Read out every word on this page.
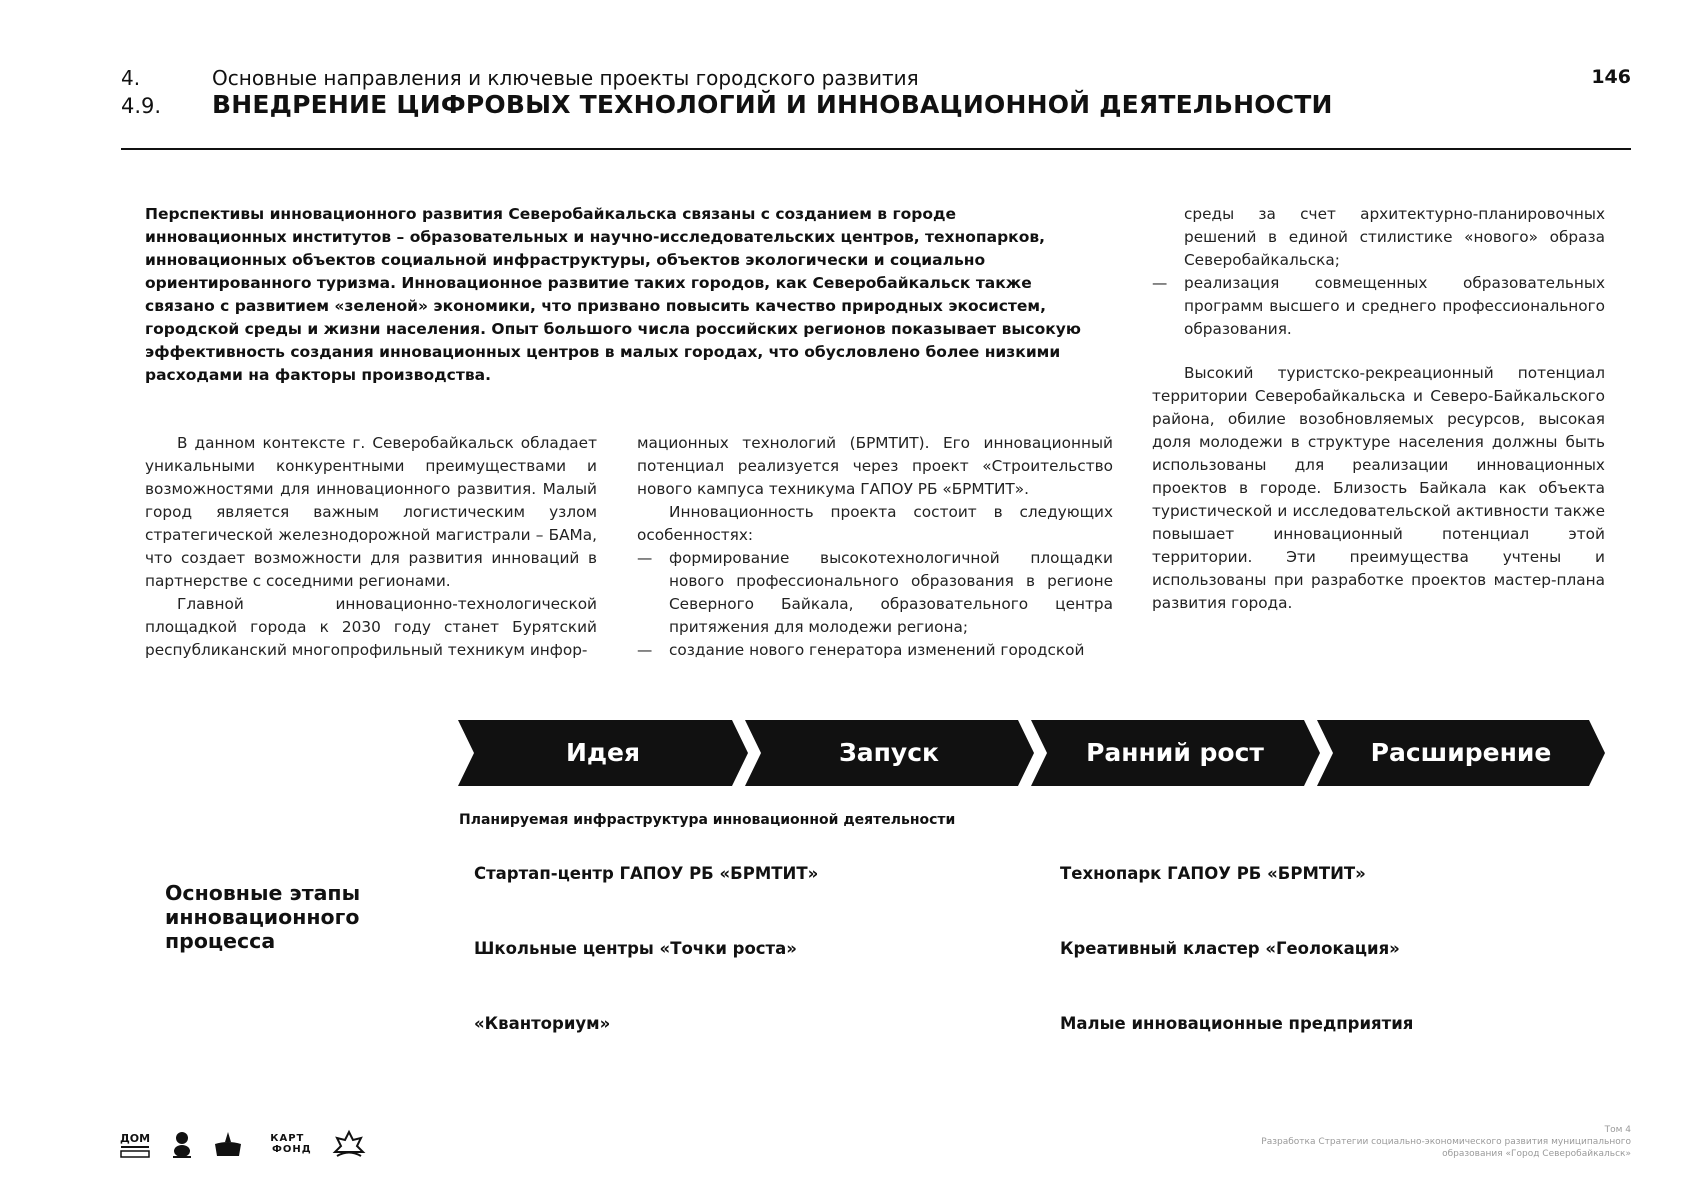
4.	Основные направления и ключевые проекты городского развития
4.9.	ВНЕДРЕНИЕ ЦИФРОВЫХ ТЕХНОЛОГИЙ И ИННОВАЦИОННОЙ ДЕЯТЕЛЬНОСТИ
146

Перспективы инновационного развития Северобайкальска связаны с созданием в городе инновационных институтов – образовательных и научно-исследовательских центров, технопарков, инновационных объектов социальной инфраструктуры, объектов экологически и социально ориентированного туризма. Инновационное развитие таких городов, как Северобайкальск также связано с развитием «зеленой» экономики, что призвано повысить качество природных экосистем, городской среды и жизни населения. Опыт большого числа российских регионов показывает высокую эффективность создания инновационных центров в малых городах, что обусловлено более низкими расходами на факторы производства.

В данном контексте г. Северобайкальск обладает уникальными конкурентными преимуществами и возможностями для инновационного развития. Малый город является важным логистическим узлом стратегической железнодорожной магистрали – БАМа, что создает возможности для развития инноваций в партнерстве с соседними регионами.

Главной инновационно-технологической площадкой города к 2030 году станет Бурятский республиканский многопрофильный техникум инфор-

мационных технологий (БРМТИТ). Его инновационный потенциал реализуется через проект «Строительство нового кампуса техникума ГАПОУ РБ «БРМТИТ».

Инновационность проекта состоит в следующих особенностях:

— формирование высокотехнологичной площадки нового профессионального образования в регионе Северного Байкала, образовательного центра притяжения для молодежи региона;

— создание нового генератора изменений городской

среды за счет архитектурно-планировочных решений в единой стилистике «нового» образа Северобайкальска;

— реализация совмещенных образовательных программ высшего и среднего профессионального образования.

Высокий туристско-рекреационный потенциал территории Северобайкальска и Северо-Байкальского района, обилие возобновляемых ресурсов, высокая доля молодежи в структуре населения должны быть использованы для реализации инновационных проектов в городе. Близость Байкала как объекта туристической и исследовательской активности также повышает инновационный потенциал этой территории. Эти преимущества учтены и использованы при разработке проектов мастер-плана развития города.

Идея	Запуск	Ранний рост	Расширение
Планируемая инфраструктура инновационной деятельности
Основные этапы инновационного процесса
Стартап-центр ГАПОУ РБ «БРМТИТ»
Школьные центры «Точки роста»
«Кванториум»
Технопарк ГАПОУ РБ «БРМТИТ»
Креативный кластер «Геолокация»
Малые инновационные предприятия
ДОМ	КАРТ
ФОНД
Том 4
Разработка Стратегии социально-экономического развития муниципального
образования «Город Северобайкальск»
